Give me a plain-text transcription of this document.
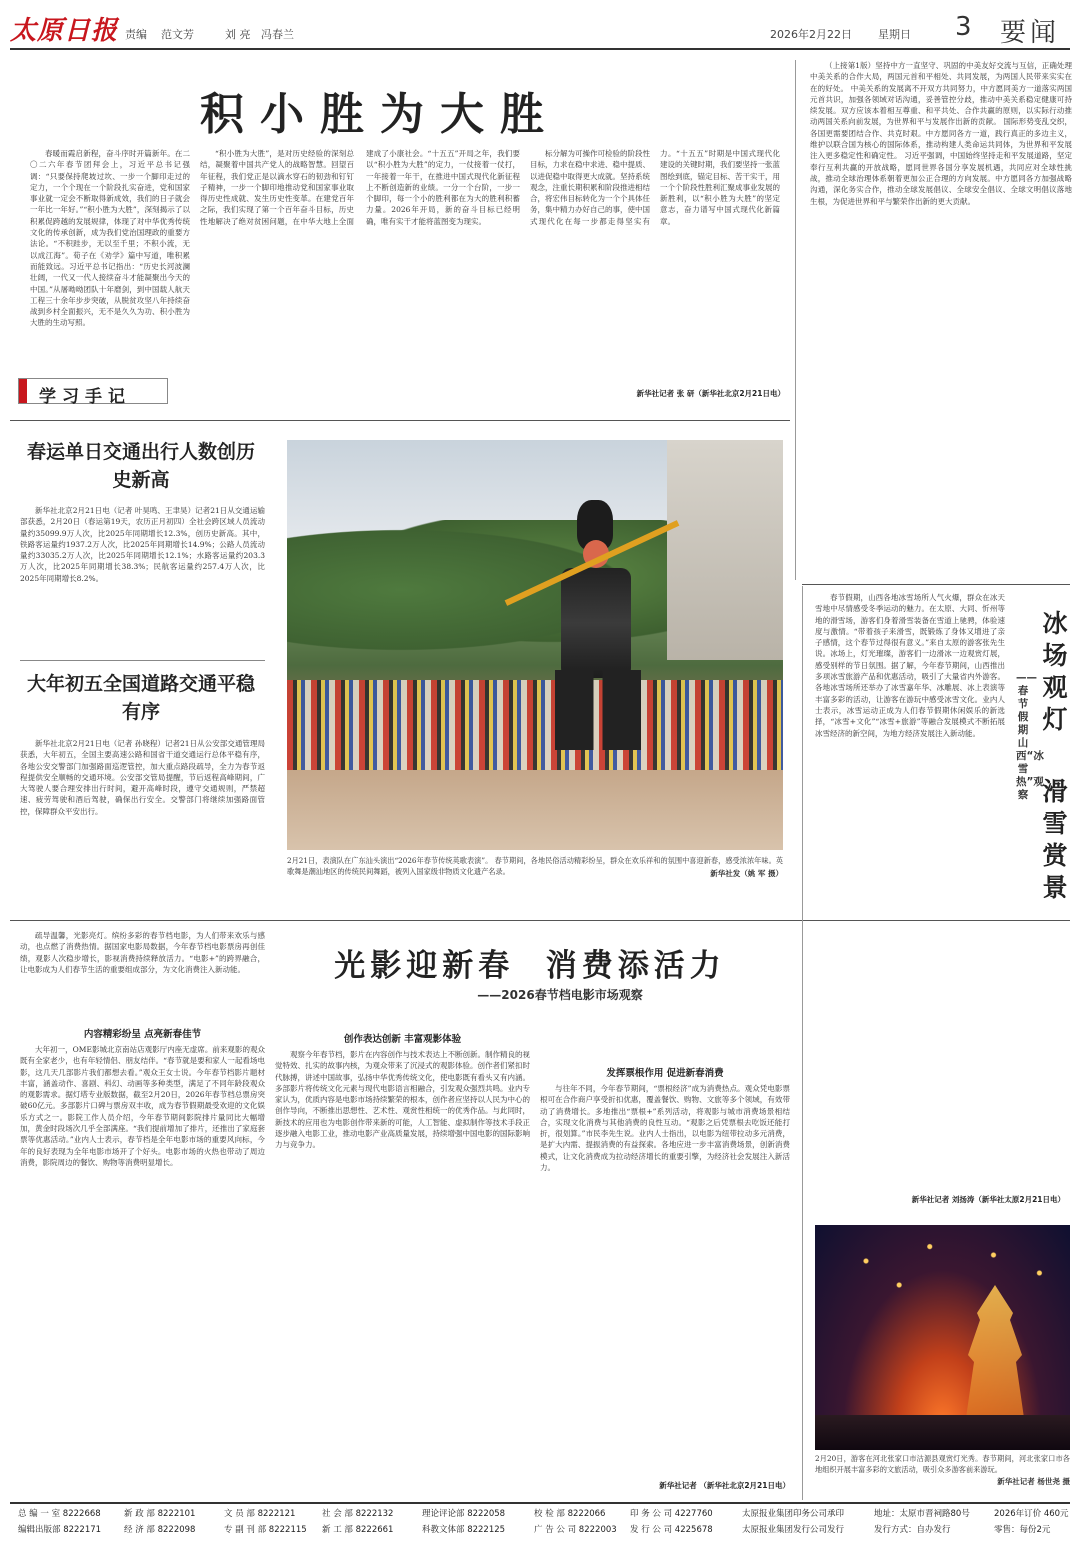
太原日报 责编 范文芳	刘 亮   冯春兰	2026年2月22日 星期日 3 要闻
积小胜为大胜

春暖而霞启新程，奋斗序时开篇新年。在二〇二六年春节团拜会上，习近平总书记强调：“只要保持爬坡过坎、一步一个脚印走过的定力，一个个现在一个阶段扎实奋进，党和国家事业就一定会不断取得新成效，我们的日子就会一年比一年好。”“积小胜为大胜”，深刻揭示了以积累促跨越的发展规律，体现了对中华优秀传统文化的传承创新，成为我们党治国理政的重要方法论。“不积跬步，无以至千里；不积小流，无以成江海”。荀子在《劝学》篇中写道，唯积累而能致远。习近平总书记指出：“历史长河波澜壮阔，一代又一代人接续奋斗才能凝聚出今天的中国。”从屠呦呦团队十年磨剑，到中国载人航天工程三十余年步步突破，从脱贫攻坚八年持续奋战到乡村全面振兴，无不是久久为功、积小胜为大胜的生动写照。

“积小胜为大胜”，是对历史经验的深刻总结，凝聚着中国共产党人的战略智慧。回望百年征程，我们党正是以滴水穿石的韧劲和钉钉子精神，一步一个脚印地推动党和国家事业取得历史性成就、发生历史性变革。在建党百年之际，我们实现了第一个百年奋斗目标，历史性地解决了绝对贫困问题，在中华大地上全面建成了小康社会。“十五五”开局之年，我们要以“积小胜为大胜”的定力，一仗接着一仗打，一年接着一年干，在推进中国式现代化新征程上不断创造新的业绩。一分一个台阶，一步一个脚印，每一个小的胜利都在为大的胜利积蓄力量。2026年开局，新的奋斗目标已经明确，唯有实干才能将蓝图变为现实。

标分解为可操作可检验的阶段性目标，力求在稳中求进、稳中提质、以进促稳中取得更大成就。坚持系统观念，注重长期积累和阶段推进相结合，将宏伟目标转化为一个个具体任务，集中精力办好自己的事，使中国式现代化在每一步都走得坚实有力。“十五五”时期是中国式现代化建设的关键时期，我们要坚持一张蓝图绘到底，锚定目标、苦干实干，用一个个阶段性胜利汇聚成事业发展的新胜利，以“积小胜为大胜”的坚定意志，奋力谱写中国式现代化新篇章。

新华社记者 张 研（新华社北京2月21日电）
学习手记

（上接第1版）坚持中方一直坚守、巩固的中美友好交流与互信，正确处理中美关系的合作大局，两国元首和平相处、共同发展，为两国人民带来实实在在的好处。 中美关系的发展离不开双方共同努力，中方愿同美方一道落实两国元首共识，加强各领域对话沟通，妥善管控分歧，推动中美关系稳定健康可持续发展。双方应该本着相互尊重、和平共处、合作共赢的原则，以实际行动推动两国关系向前发展，为世界和平与发展作出新的贡献。 国际形势变乱交织，各国更需要团结合作、共克时艰。中方愿同各方一道，践行真正的多边主义，维护以联合国为核心的国际体系，推动构建人类命运共同体，为世界和平发展注入更多稳定性和确定性。 习近平强调，中国始终坚持走和平发展道路，坚定奉行互利共赢的开放战略，愿同世界各国分享发展机遇，共同应对全球性挑战，推动全球治理体系朝着更加公正合理的方向发展。中方愿同各方加强战略沟通，深化务实合作，推动全球发展倡议、全球安全倡议、全球文明倡议落地生根，为促进世界和平与繁荣作出新的更大贡献。

春运单日交通出行人数创历史新高

新华社北京2月21日电（记者 叶昊鸣、王聿昊）记者21日从交通运输部获悉，2月20日（春运第19天，农历正月初四）全社会跨区域人员流动量约35099.9万人次，比2025年同期增长12.3%，创历史新高。其中，铁路客运量约1937.2万人次，比2025年同期增长14.9%；公路人员流动量约33035.2万人次，比2025年同期增长12.1%；水路客运量约203.3万人次，比2025年同期增长38.3%；民航客运量约257.4万人次，比2025年同期增长8.2%。

大年初五全国道路交通平稳有序

新华社北京2月21日电（记者 孙晓程）记者21日从公安部交通管理局获悉，大年初五，全国主要高速公路和国省干道交通运行总体平稳有序，各地公安交警部门加强路面巡逻管控，加大重点路段疏导，全力为春节返程提供安全顺畅的交通环境。公安部交管局提醒，节后返程高峰期间，广大驾驶人要合理安排出行时间，避开高峰时段，遵守交通规则，严禁超速、疲劳驾驶和酒后驾驶，确保出行安全。交警部门将继续加强路面管控，保障群众平安出行。

2月21日，表演队在广东汕头演出“2026年春节传统英歌表演”。 春节期间，各地民俗活动精彩纷呈，群众在欢乐祥和的氛围中喜迎新春，感受浓浓年味。英歌舞是潮汕地区的传统民间舞蹈，被列入国家级非物质文化遗产名录。	新华社发（姚 军 摄）

春节假期，山西各地冰雪场所人气火爆，群众在冰天雪地中尽情感受冬季运动的魅力。在太原、大同、忻州等地的滑雪场，游客们身着滑雪装备在雪道上驰骋，体验速度与激情。“带着孩子来滑雪，既锻炼了身体又增进了亲子感情，这个春节过得很有意义。”来自太原的游客张先生说。冰场上，灯光璀璨，游客们一边滑冰一边观赏灯展，感受别样的节日氛围。据了解，今年春节期间，山西推出多项冰雪旅游产品和优惠活动，吸引了大量省内外游客。各地冰雪场所还举办了冰雪嘉年华、冰雕展、冰上表演等丰富多彩的活动，让游客在游玩中感受冰雪文化。业内人士表示，冰雪运动正成为人们春节假期休闲娱乐的新选择，“冰雪+文化”“冰雪+旅游”等融合发展模式不断拓展冰雪经济的新空间，为地方经济发展注入新动能。

新华社记者 刘扬涛（新华社太原2月21日电）
冰场观灯
滑雪赏景
——春节假期山西“冰雪热”观察
2月20日，游客在河北张家口市沽源县观赏灯光秀。春节期间，河北张家口市各地组织开展丰富多彩的文旅活动，吸引众多游客前来游玩。
新华社记者 杨世尧 摄

疏导温馨，光影亮灯。缤纷多彩的春节档电影，为人们带来欢乐与感动，也点燃了消费热情。据国家电影局数据，今年春节档电影票房再创佳绩，观影人次稳步增长，影视消费持续释放活力。“电影+”的跨界融合，让电影成为人们春节生活的重要组成部分，为文化消费注入新动能。	光影迎新春  消费添活力
——2026春节档电影市场观察
内容精彩纷呈 点亮新春佳节

大年初一，OME影城北京南站店观影厅内座无虚席。前来观影的观众既有全家老少，也有年轻情侣、朋友结伴。“春节就是要和家人一起看场电影，这几天几部影片我们都想去看。”观众王女士说。今年春节档影片题材丰富，涵盖动作、喜剧、科幻、动画等多种类型，满足了不同年龄段观众的观影需求。据灯塔专业版数据，截至2月20日，2026年春节档总票房突破60亿元。多部影片口碑与票房双丰收，成为春节假期最受欢迎的文化娱乐方式之一。影院工作人员介绍，今年春节期间影院排片量同比大幅增加，黄金时段场次几乎全部满座。“我们提前增加了排片，还推出了家庭套票等优惠活动。”业内人士表示，春节档是全年电影市场的重要风向标，今年的良好表现为全年电影市场开了个好头。电影市场的火热也带动了周边消费，影院周边的餐饮、购物等消费明显增长。

创作表达创新 丰富观影体验

观察今年春节档，影片在内容创作与技术表达上不断创新。制作精良的视觉特效、扎实的故事内核，为观众带来了沉浸式的观影体验。创作者们紧扣时代脉搏，讲述中国故事，弘扬中华优秀传统文化，使电影既有看头又有内涵。多部影片将传统文化元素与现代电影语言相融合，引发观众强烈共鸣。业内专家认为，优质内容是电影市场持续繁荣的根本，创作者应坚持以人民为中心的创作导向，不断推出思想性、艺术性、观赏性相统一的优秀作品。与此同时，新技术的应用也为电影创作带来新的可能，人工智能、虚拟制作等技术手段正逐步融入电影工业，推动电影产业高质量发展，持续增强中国电影的国际影响力与竞争力。

发挥票根作用 促进新春消费

与往年不同，今年春节期间，“票根经济”成为消费热点。观众凭电影票根可在合作商户享受折扣优惠，覆盖餐饮、购物、文旅等多个领域，有效带动了消费增长。多地推出“票根+”系列活动，将观影与城市消费场景相结合，实现文化消费与其他消费的良性互动。“观影之后凭票根去吃饭还能打折，很划算。”市民李先生说。业内人士指出，以电影为纽带拉动多元消费，是扩大内需、提振消费的有益探索。各地应进一步丰富消费场景，创新消费模式，让文化消费成为拉动经济增长的重要引擎，为经济社会发展注入新活力。

新华社记者 （新华社北京2月21日电）
总 编 一 室 8222668	新 政 部 8222101	文 员 部 8222121	社 会 部 8222132	理论评论部 8222058	校 检 部 8222066	印 务 公 司 4227760	太原报业集团印务公司承印	地址：太原市晋祠路80号	2026年订价 460元
编辑出版部 8222171	经 济 部 8222098	专 副 刊 部 8222115 新 工 部 8222661	科教文体部 8222125	广 告 公 司 8222003 发 行 公 司 4225678	太原报业集团发行公司发行	发行方式：自办发行	零售：每份2元
